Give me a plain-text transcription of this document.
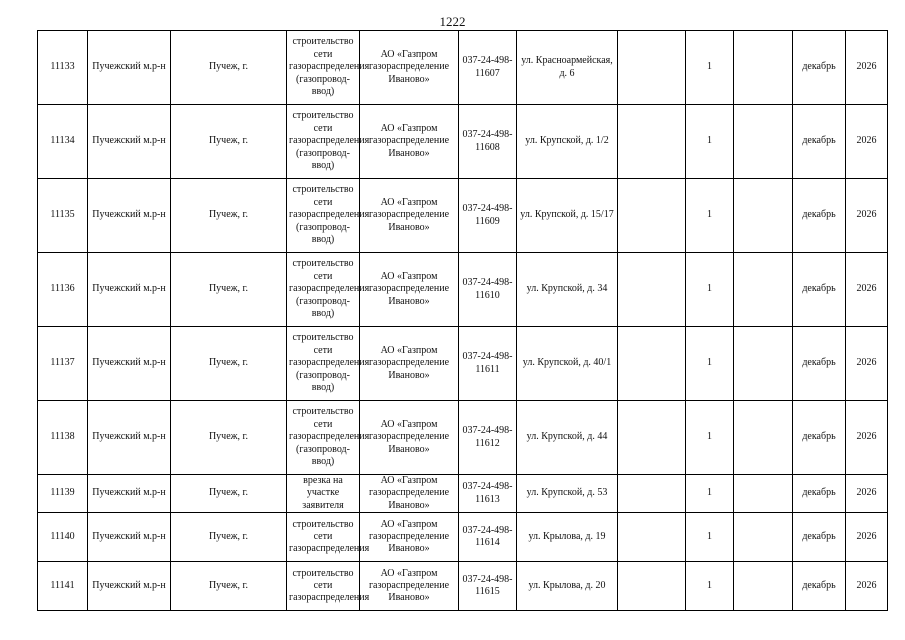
1222
11133	Пучежский м.р-н	Пучеж, г.	строительство сети газораспределения (газопровод-ввод)	АО «Газпром газораспределение Иваново»	037-24-498-11607	ул. Красноармейская, д. 6		1		декабрь	2026
11134	Пучежский м.р-н	Пучеж, г.	строительство сети газораспределения (газопровод-ввод)	АО «Газпром газораспределение Иваново»	037-24-498-11608	ул. Крупской, д. 1/2		1		декабрь	2026
11135	Пучежский м.р-н	Пучеж, г.	строительство сети газораспределения (газопровод-ввод)	АО «Газпром газораспределение Иваново»	037-24-498-11609	ул. Крупской, д. 15/17		1		декабрь	2026
11136	Пучежский м.р-н	Пучеж, г.	строительство сети газораспределения (газопровод-ввод)	АО «Газпром газораспределение Иваново»	037-24-498-11610	ул. Крупской, д. 34		1		декабрь	2026
11137	Пучежский м.р-н	Пучеж, г.	строительство сети газораспределения (газопровод-ввод)	АО «Газпром газораспределение Иваново»	037-24-498-11611	ул. Крупской, д. 40/1		1		декабрь	2026
11138	Пучежский м.р-н	Пучеж, г.	строительство сети газораспределения (газопровод-ввод)	АО «Газпром газораспределение Иваново»	037-24-498-11612	ул. Крупской, д. 44		1		декабрь	2026
11139	Пучежский м.р-н	Пучеж, г.	врезка на участке заявителя	АО «Газпром газораспределение Иваново»	037-24-498-11613	ул. Крупской, д. 53		1		декабрь	2026
11140	Пучежский м.р-н	Пучеж, г.	строительство сети газораспределения	АО «Газпром газораспределение Иваново»	037-24-498-11614	ул. Крылова, д. 19		1		декабрь	2026
11141	Пучежский м.р-н	Пучеж, г.	строительство сети газораспределения	АО «Газпром газораспределение Иваново»	037-24-498-11615	ул. Крылова, д. 20		1		декабрь	2026
